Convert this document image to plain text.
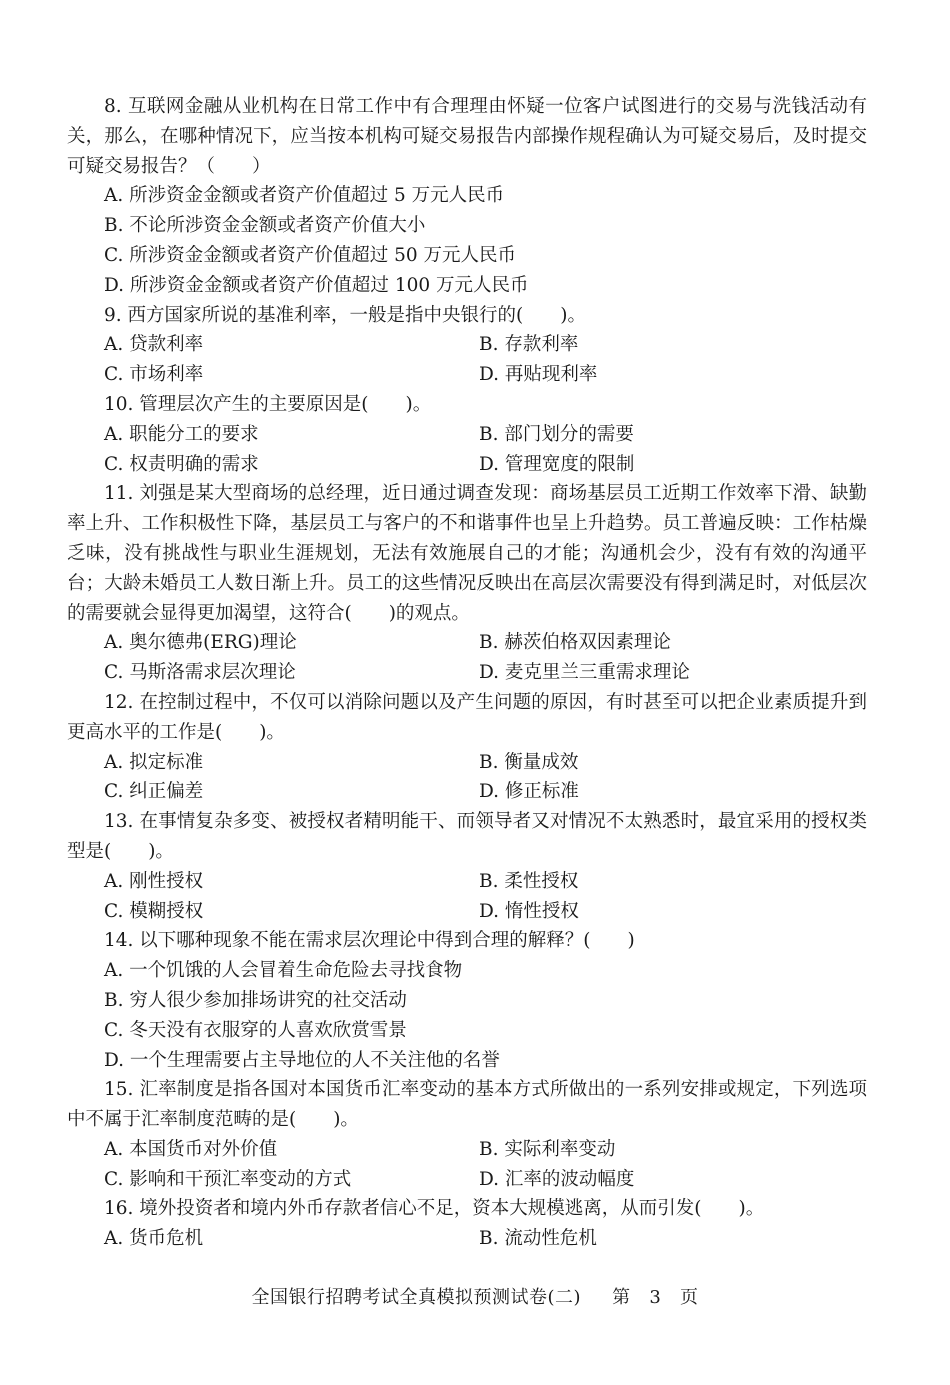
8. 互联网金融从业机构在日常工作中有合理理由怀疑一位客户试图进行的交易与洗钱活动有关，那么，在哪种情况下，应当按本机构可疑交易报告内部操作规程确认为可疑交易后，及时提交可疑交易报告？（　　）
A. 所涉资金金额或者资产价值超过 5 万元人民币
B. 不论所涉资金金额或者资产价值大小
C. 所涉资金金额或者资产价值超过 50 万元人民币
D. 所涉资金金额或者资产价值超过 100 万元人民币
9. 西方国家所说的基准利率，一般是指中央银行的(　　)。
A. 贷款利率	B. 存款利率
C. 市场利率	D. 再贴现利率
10. 管理层次产生的主要原因是(　　)。
A. 职能分工的要求	B. 部门划分的需要
C. 权责明确的需求	D. 管理宽度的限制
11. 刘强是某大型商场的总经理，近日通过调查发现：商场基层员工近期工作效率下滑、缺勤率上升、工作积极性下降，基层员工与客户的不和谐事件也呈上升趋势。员工普遍反映：工作枯燥乏味，没有挑战性与职业生涯规划，无法有效施展自己的才能；沟通机会少，没有有效的沟通平台；大龄未婚员工人数日渐上升。员工的这些情况反映出在高层次需要没有得到满足时，对低层次的需要就会显得更加渴望，这符合(　　)的观点。
A. 奥尔德弗(ERG)理论	B. 赫茨伯格双因素理论
C. 马斯洛需求层次理论	D. 麦克里兰三重需求理论
12. 在控制过程中，不仅可以消除问题以及产生问题的原因，有时甚至可以把企业素质提升到更高水平的工作是(　　)。
A. 拟定标准	B. 衡量成效
C. 纠正偏差	D. 修正标准
13. 在事情复杂多变、被授权者精明能干、而领导者又对情况不太熟悉时，最宜采用的授权类型是(　　)。
A. 刚性授权	B. 柔性授权
C. 模糊授权	D. 惰性授权
14. 以下哪种现象不能在需求层次理论中得到合理的解释？(　　)
A. 一个饥饿的人会冒着生命危险去寻找食物
B. 穷人很少参加排场讲究的社交活动
C. 冬天没有衣服穿的人喜欢欣赏雪景
D. 一个生理需要占主导地位的人不关注他的名誉
15. 汇率制度是指各国对本国货币汇率变动的基本方式所做出的一系列安排或规定，下列选项中不属于汇率制度范畴的是(　　)。
A. 本国货币对外价值	B. 实际利率变动
C. 影响和干预汇率变动的方式	D. 汇率的波动幅度
16. 境外投资者和境内外币存款者信心不足，资本大规模逃离，从而引发(　　)。
A. 货币危机	B. 流动性危机
全国银行招聘考试全真模拟预测试卷(二) 第 3 页
